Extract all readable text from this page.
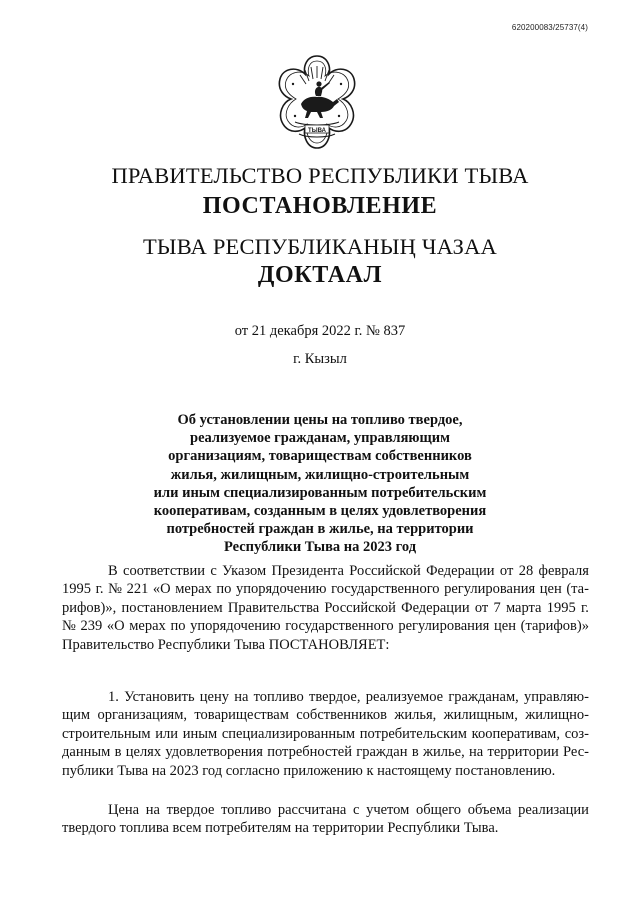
620200083/25737(4)
ТЫВА
ПРАВИТЕЛЬСТВО РЕСПУБЛИКИ ТЫВА
ПОСТАНОВЛЕНИЕ
ТЫВА РЕСПУБЛИКАНЫҢ ЧАЗАА
ДОКТААЛ
от 21 декабря 2022 г. № 837
г. Кызыл
Об установлении цены на топливо твердое,
реализуемое гражданам, управляющим
организациям, товариществам собственников
жилья, жилищным, жилищно-строительным
или иным специализированным потребительским
кооперативам, созданным в целях удовлетворения
потребностей граждан в жилье, на территории
Республики Тыва на 2023 год
В соответствии с Указом Президента Российской Федерации от 28 февраля
1995 г. № 221 «О мерах по упорядочению государственного регулирования цен (та-
рифов)», постановлением Правительства Российской Федерации от 7 марта 1995 г.
№ 239 «О мерах по упорядочению государственного регулирования цен (тарифов)»
Правительство Республики Тыва ПОСТАНОВЛЯЕТ:
1. Установить цену на топливо твердое, реализуемое гражданам, управляю-
щим организациям, товариществам собственников жилья, жилищным, жилищно-
строительным или иным специализированным потребительским кооперативам, соз-
данным в целях удовлетворения потребностей граждан в жилье, на территории Рес-
публики Тыва на 2023 год согласно приложению к настоящему постановлению.
Цена на твердое топливо рассчитана с учетом общего объема реализации
твердого топлива всем потребителям на территории Республики Тыва.
